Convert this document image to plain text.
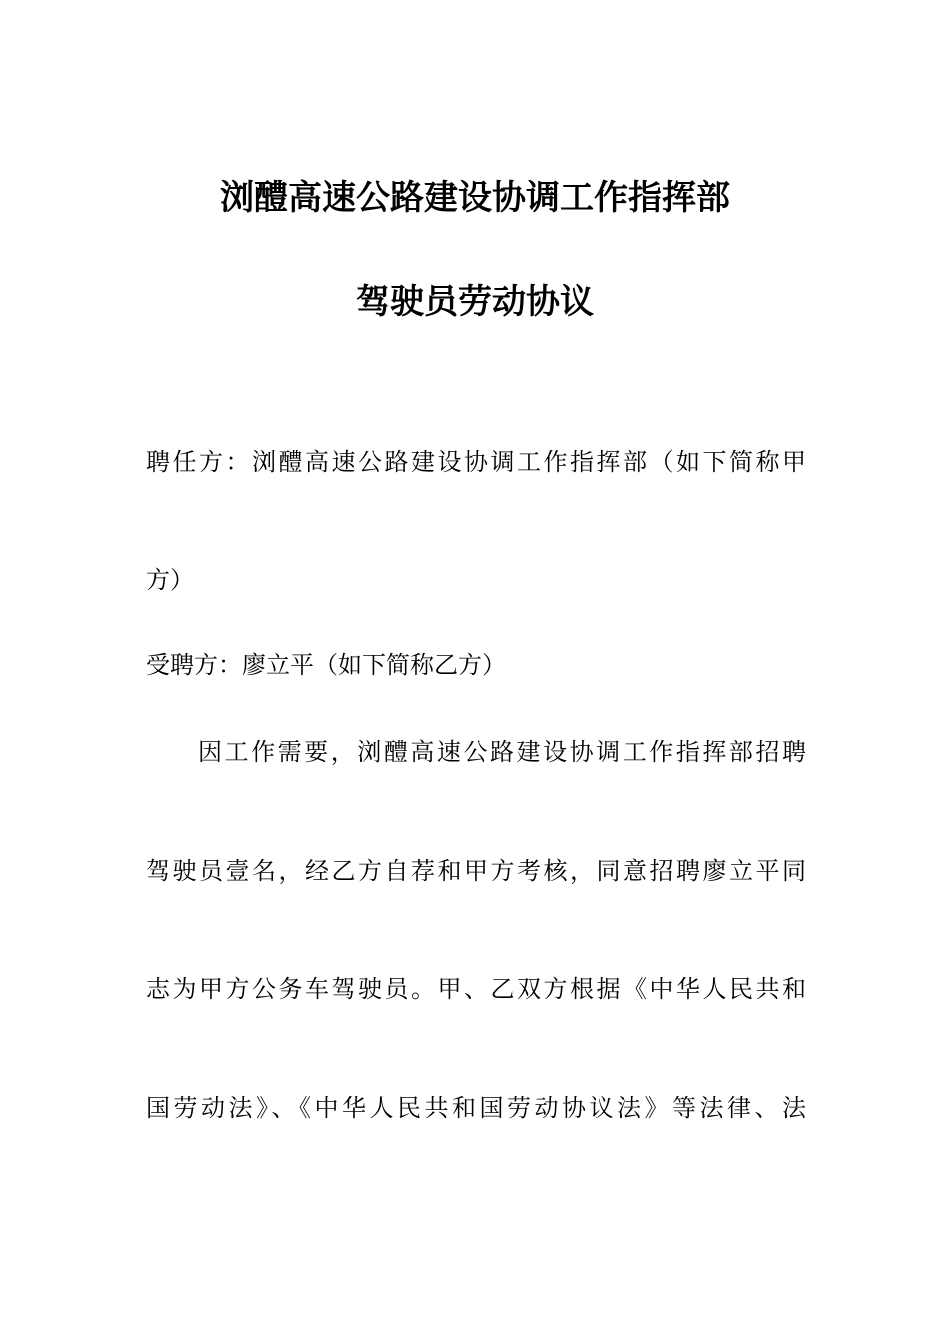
浏醴高速公路建设协调工作指挥部
驾驶员劳动协议
聘任方：浏醴高速公路建设协调工作指挥部（如下简称甲
方）
受聘方：廖立平（如下简称乙方）
因工作需要，浏醴高速公路建设协调工作指挥部招聘
驾驶员壹名，经乙方自荐和甲方考核，同意招聘廖立平同
志为甲方公务车驾驶员。甲、乙双方根据《中华人民共和
国劳动法》、《中华人民共和国劳动协议法》等法律、法
